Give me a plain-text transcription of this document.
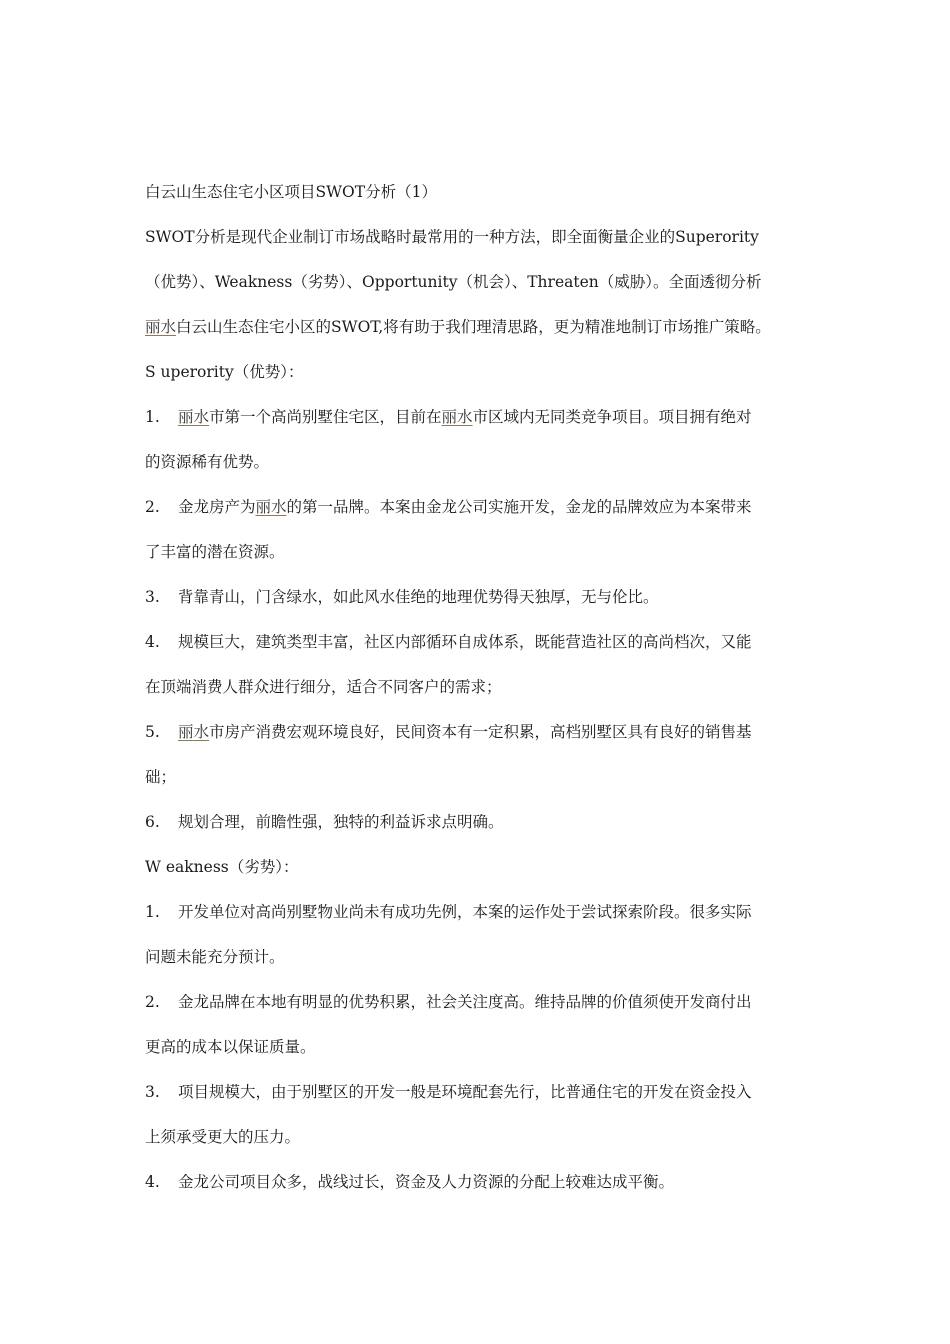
白云山生态住宅小区项目SWOT分析（1）
SWOT分析是现代企业制订市场战略时最常用的一种方法，即全面衡量企业的Superority
（优势）、Weakness（劣势）、Opportunity（机会）、Threaten（威胁）。全面透彻分析
丽水白云山生态住宅小区的SWOT,将有助于我们理清思路，更为精准地制订市场推广策略。
S uperority（优势）：
1. 丽水市第一个高尚别墅住宅区，目前在丽水市区域内无同类竞争项目。项目拥有绝对
的资源稀有优势。
2. 金龙房产为丽水的第一品牌。本案由金龙公司实施开发，金龙的品牌效应为本案带来
了丰富的潜在资源。
3. 背靠青山，门含绿水，如此风水佳绝的地理优势得天独厚，无与伦比。
4. 规模巨大，建筑类型丰富，社区内部循环自成体系，既能营造社区的高尚档次，又能
在顶端消费人群众进行细分，适合不同客户的需求；
5. 丽水市房产消费宏观环境良好，民间资本有一定积累，高档别墅区具有良好的销售基
础；
6. 规划合理，前瞻性强，独特的利益诉求点明确。
W eakness（劣势）：
1. 开发单位对高尚别墅物业尚未有成功先例，本案的运作处于尝试探索阶段。很多实际
问题未能充分预计。
2. 金龙品牌在本地有明显的优势积累，社会关注度高。维持品牌的价值须使开发商付出
更高的成本以保证质量。
3. 项目规模大，由于别墅区的开发一般是环境配套先行，比普通住宅的开发在资金投入
上须承受更大的压力。
4. 金龙公司项目众多，战线过长，资金及人力资源的分配上较难达成平衡。
